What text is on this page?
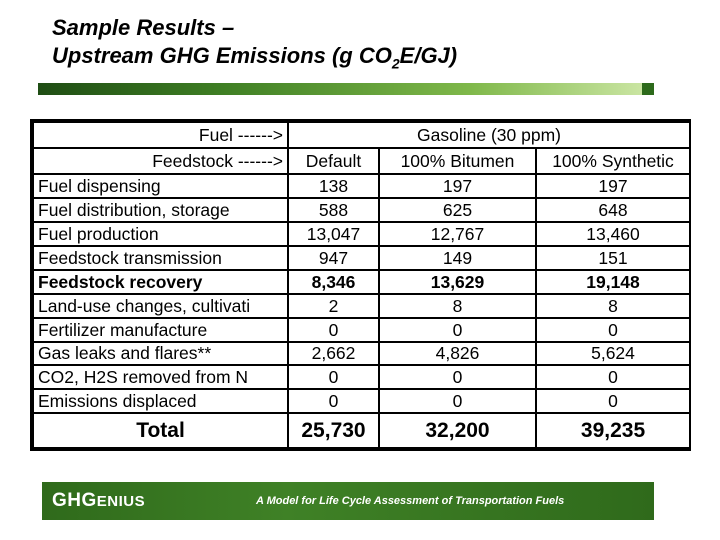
Sample Results –
Upstream GHG Emissions (g $CO_2E/GJ$)
Fuel ------>	Gasoline (30 ppm)		
Feedstock ------>	Default	100% Bitumen	100% Synthetic
Fuel dispensing	138	197	197
Fuel distribution, storage	588	625	648
Fuel production	13,047	12,767	13,460
Feedstock transmission	947	149	151
Feedstock recovery	8,346	13,629	19,148
Land-use changes, cultivati	2	8	8
Fertilizer manufacture	0	0	0
Gas leaks and flares**	2,662	4,826	5,624
CO2, H2S removed from N	0	0	0
Emissions displaced	0	0	0
Total	25,730	32,200	39,235
GHGENIUS	A Model for Life Cycle Assessment of Transportation Fuels
